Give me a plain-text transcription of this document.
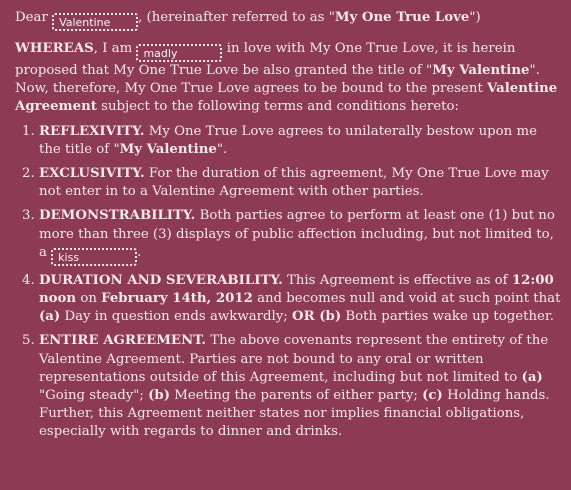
Dear Valentine , (hereinafter referred to as "My One True Love")

WHEREAS, I am madly	in love with My One True Love, it is herein proposed that My One True Love be also granted the title of "My Valentine". Now, therefore, My One True Love agrees to be bound to the present Valentine Agreement subject to the following terms and conditions hereto:

1. REFLEXIVITY. My One True Love agrees to unilaterally bestow upon me the title of "My Valentine".
2. EXCLUSIVITY. For the duration of this agreement, My One True Love may not enter in to a Valentine Agreement with other parties.
3. DEMONSTRABILITY. Both parties agree to perform at least one (1) but no more than three (3) displays of public affection including, but not limited to, a kiss	.
4. DURATION AND SEVERABILITY. This Agreement is effective as of 12:00 noon on February 14th, 2012 and becomes null and void at such point that (a) Day in question ends awkwardly; OR (b) Both parties wake up together.
5. ENTIRE AGREEMENT. The above covenants represent the entirety of the Valentine Agreement. Parties are not bound to any oral or written representations outside of this Agreement, including but not limited to (a) "Going steady"; (b) Meeting the parents of either party; (c) Holding hands. Further, this Agreement neither states nor implies financial obligations, especially with regards to dinner and drinks.
